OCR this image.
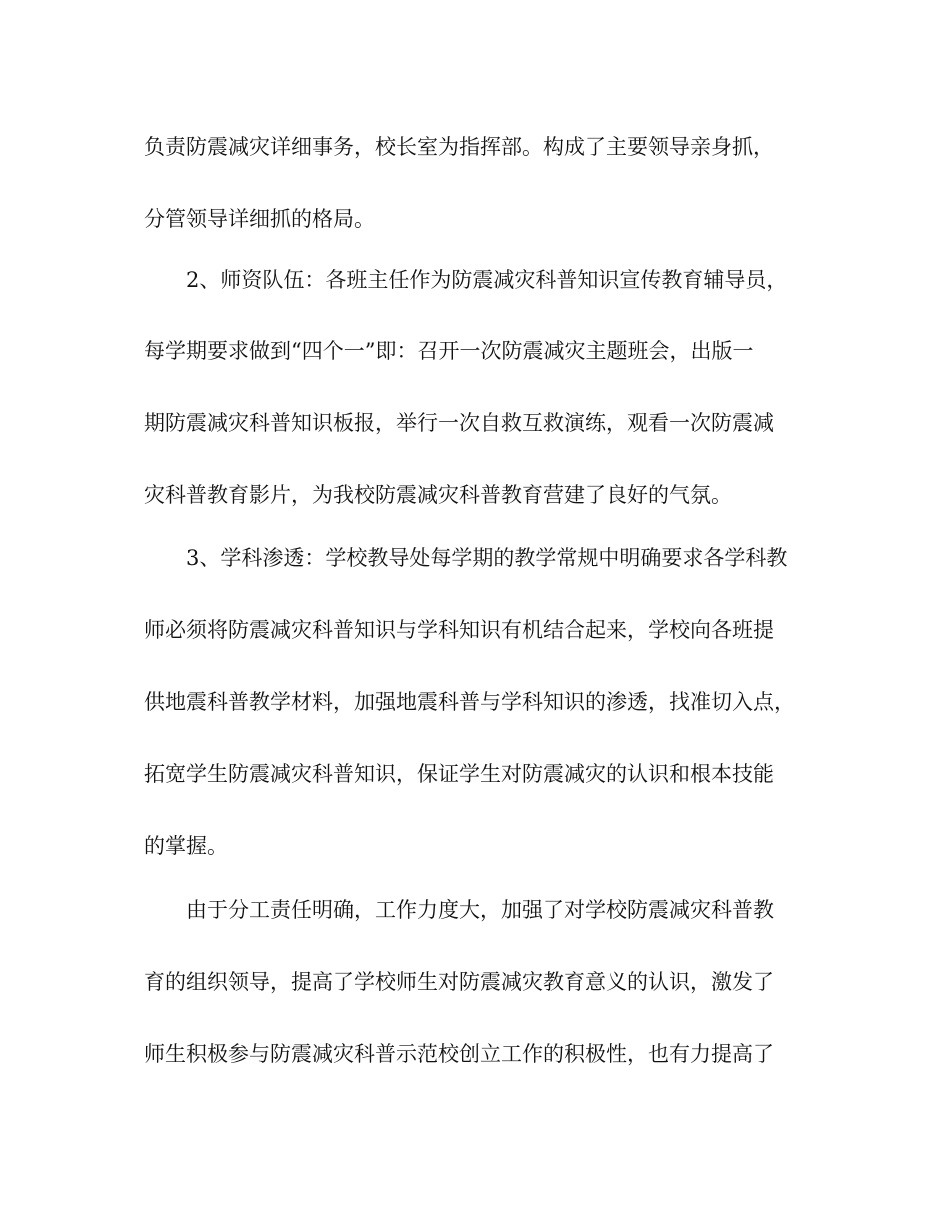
负责防震减灾详细事务，校长室为指挥部。构成了主要领导亲身抓，
分管领导详细抓的格局。
2、师资队伍：各班主任作为防震减灾科普知识宣传教育辅导员，
每学期要求做到“四个一”即：召开一次防震减灾主题班会，出版一
期防震减灾科普知识板报，举行一次自救互救演练，观看一次防震减
灾科普教育影片，为我校防震减灾科普教育营建了良好的气氛。
3、学科渗透：学校教导处每学期的教学常规中明确要求各学科教
师必须将防震减灾科普知识与学科知识有机结合起来，学校向各班提
供地震科普教学材料，加强地震科普与学科知识的渗透，找准切入点，
拓宽学生防震减灾科普知识，保证学生对防震减灾的认识和根本技能
的掌握。
由于分工责任明确，工作力度大，加强了对学校防震减灾科普教
育的组织领导，提高了学校师生对防震减灾教育意义的认识，激发了
师生积极参与防震减灾科普示范校创立工作的积极性，也有力提高了
